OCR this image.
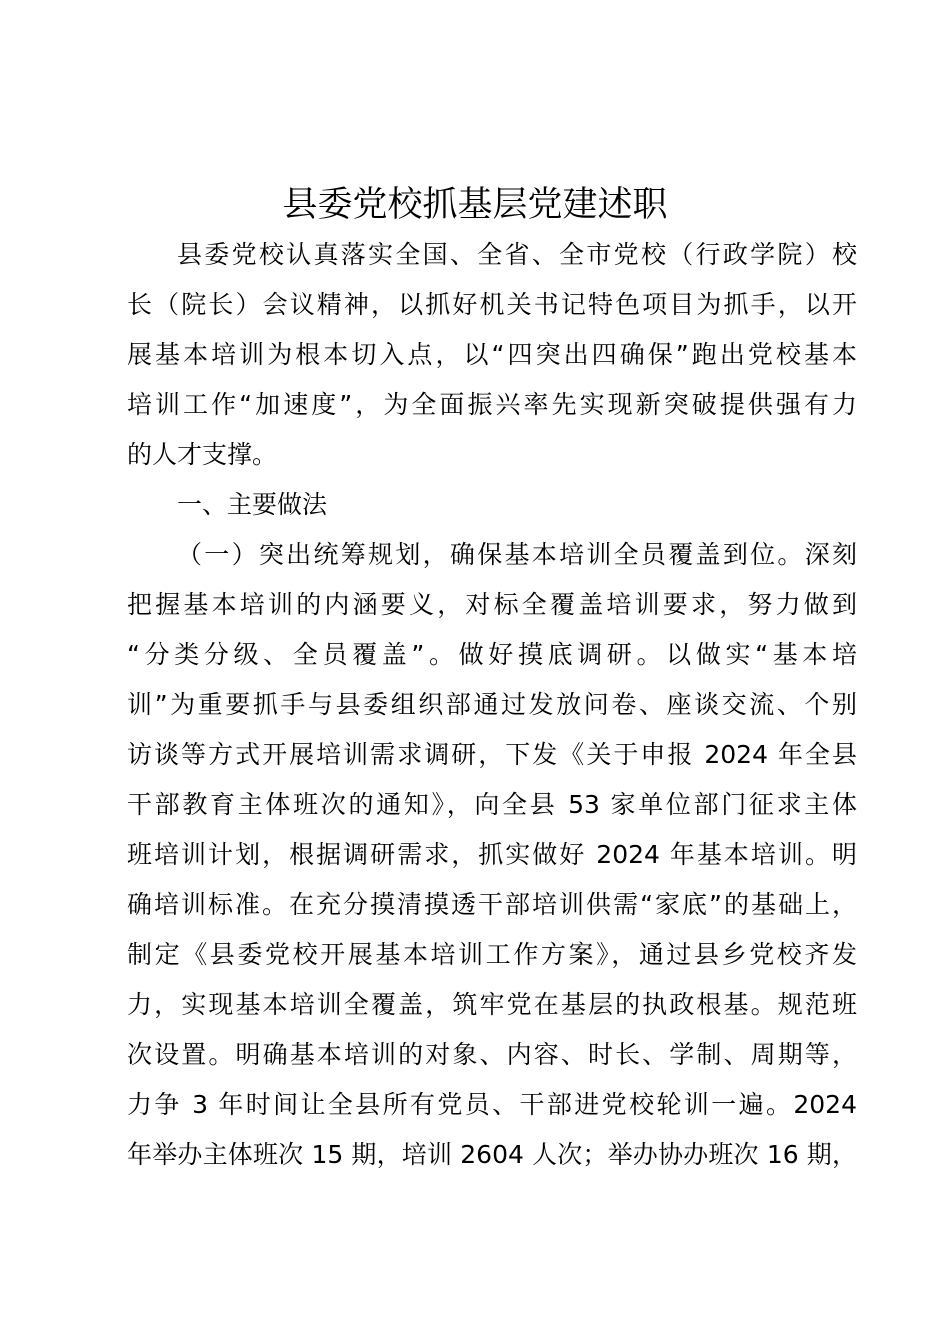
县委党校抓基层党建述职
县委党校认真落实全国、全省、全市党校（行政学院）校
长（院长）会议精神，以抓好机关书记特色项目为抓手，以开
展基本培训为根本切入点，以“四突出四确保”跑出党校基本
培训工作“加速度”，为全面振兴率先实现新突破提供强有力
的人才支撑。
一、主要做法
（一）突出统筹规划，确保基本培训全员覆盖到位。深刻
把握基本培训的内涵要义，对标全覆盖培训要求，努力做到
“分类分级、全员覆盖”。做好摸底调研。以做实“基本培
训”为重要抓手与县委组织部通过发放问卷、座谈交流、个别
访谈等方式开展培训需求调研，下发《关于申报 2024 年全县
干部教育主体班次的通知》，向全县 53 家单位部门征求主体
班培训计划，根据调研需求，抓实做好 2024 年基本培训。明
确培训标准。在充分摸清摸透干部培训供需“家底”的基础上，
制定《县委党校开展基本培训工作方案》，通过县乡党校齐发
力，实现基本培训全覆盖，筑牢党在基层的执政根基。规范班
次设置。明确基本培训的对象、内容、时长、学制、周期等，
力争 3 年时间让全县所有党员、干部进党校轮训一遍。2024
年举办主体班次 15 期，培训 2604 人次；举办协办班次 16 期，
